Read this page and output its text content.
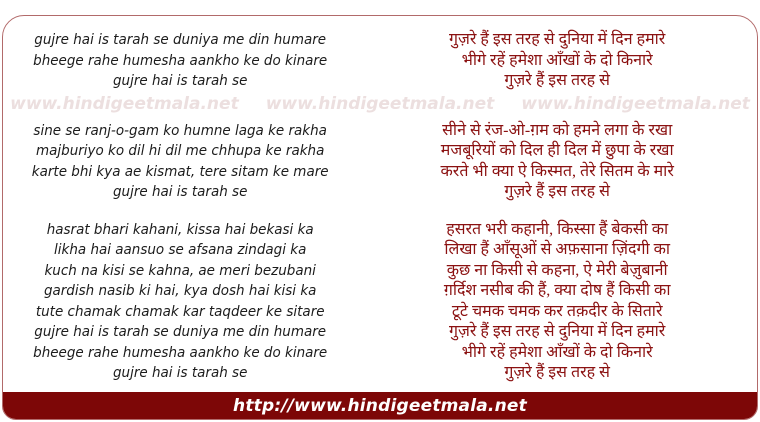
gujre hai is tarah se duniya me din humare	गुज़रे हैं इस तरह से दुनिया में दिन हमारे
bheege rahe humesha aankho ke do kinare	भीगे रहें हमेशा आँखों के दो किनारे
gujre hai is tarah se	गुज़रे हैं इस तरह से
sine se ranj-o-gam ko humne laga ke rakha	सीने से रंज-ओ-ग़म को हमने लगा के रखा
majburiyo ko dil hi dil me chhupa ke rakha	मजबूरियों को दिल ही दिल में छुपा के रखा
karte bhi kya ae kismat, tere sitam ke mare	करते भी क्या ऐ किस्मत, तेरे सितम के मारे
gujre hai is tarah se	गुज़रे हैं इस तरह से
hasrat bhari kahani, kissa hai bekasi ka	हसरत भरी कहानी, किस्सा हैं बेकसी का
likha hai aansuo se afsana zindagi ka	लिखा हैं आँसूओं से अफ़साना ज़िंदगी का
kuch na kisi se kahna, ae meri bezubani	कुछ ना किसी से कहना, ऐ मेरी बेज़ुबानी
gardish nasib ki hai, kya dosh hai kisi ka	ग़र्दिश नसीब की हैं, क्या दोष हैं किसी का
tute chamak chamak kar taqdeer ke sitare	टूटे चमक चमक कर तक़दीर के सितारे
gujre hai is tarah se duniya me din humare	गुज़रे हैं इस तरह से दुनिया में दिन हमारे
bheege rahe humesha aankho ke do kinare	भीगे रहें हमेशा आँखों के दो किनारे
gujre hai is tarah se	गुज़रे हैं इस तरह से
www.hindigeetmala.net www.hindigeetmala.net www.hindigeetmala.net
http://www.hindigeetmala.net
